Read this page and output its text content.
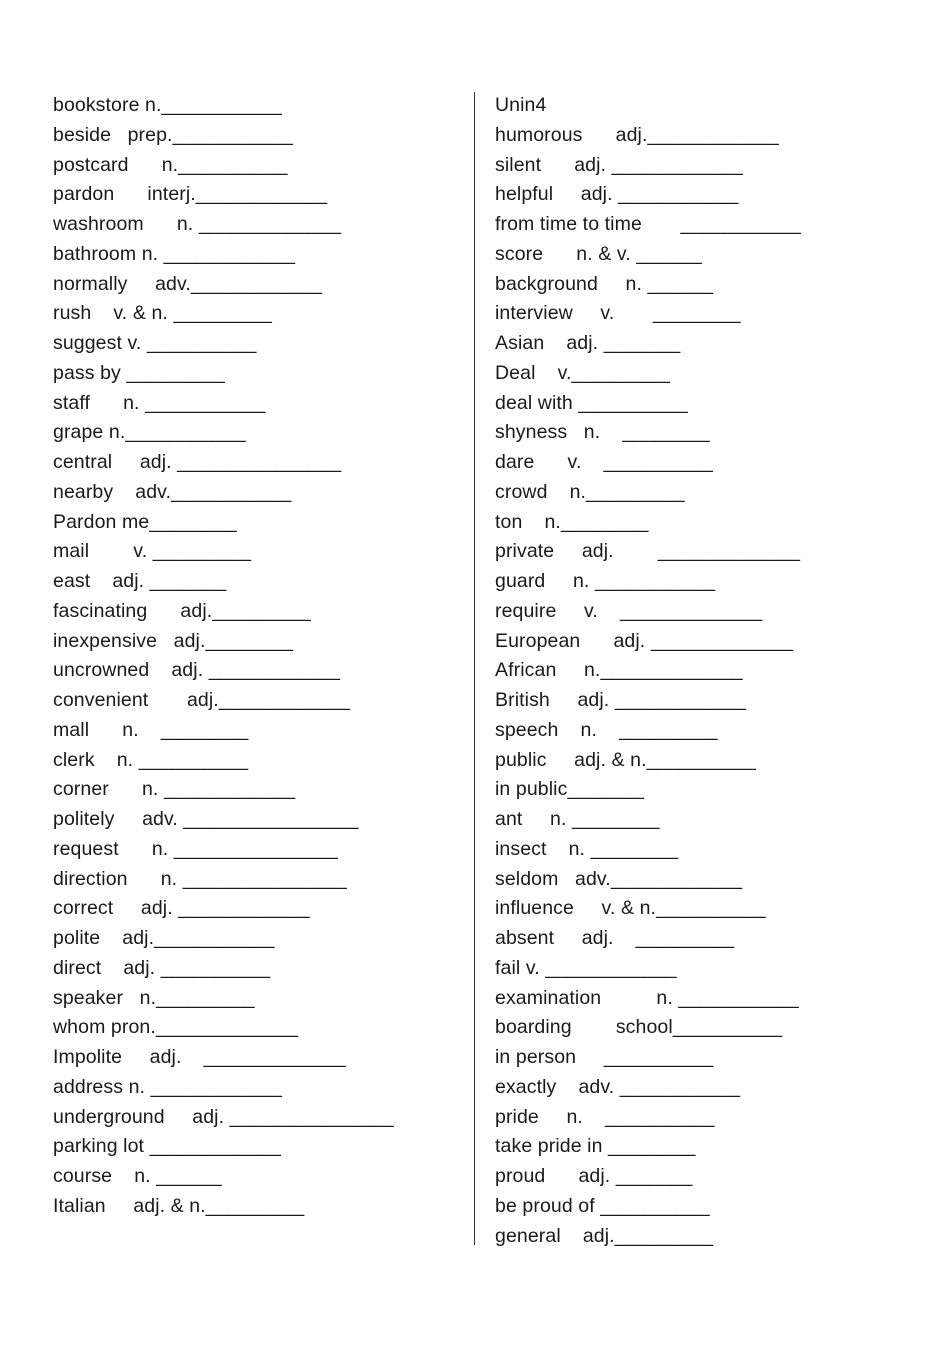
bookstore n.___________
beside   prep.___________
postcard      n.__________
pardon      interj.____________
washroom      n. _____________
bathroom n. ____________
normally     adv.____________
rush    v. & n. _________
suggest v. __________
pass by _________
staff      n. ___________
grape n.___________
central     adj. _______________
nearby    adv.___________
Pardon me________
mail        v. _________
east    adj. _______
fascinating      adj._________
inexpensive   adj.________
uncrowned    adj. ____________
convenient       adj.____________
mall      n.    ________
clerk    n. __________
corner      n. ____________
politely     adv. ________________
request      n. _______________
direction      n. _______________
correct     adj. ____________
polite    adj.___________
direct    adj. __________
speaker   n._________
whom pron._____________
Impolite     adj.    _____________
address n. ____________
underground     adj. _______________
parking lot ____________
course    n. ______
Italian     adj. & n._________
Unin4
humorous      adj.____________
silent      adj. ____________
helpful     adj. ___________
from time to time       ___________
score      n. & v. ______
background     n. ______
interview     v.       ________
Asian    adj. _______
Deal    v._________
deal with __________
shyness   n.    ________
dare      v.    __________
crowd    n._________
ton    n.________
private     adj.        _____________
guard     n. ___________
require     v.    _____________
European      adj. _____________
African     n._____________
British     adj. ____________
speech    n.    _________
public     adj. & n.__________
in public_______
ant     n. ________
insect    n. ________
seldom   adv.____________
influence     v. & n.__________
absent     adj.    _________
fail v. ____________
examination          n. ___________
boarding        school__________
in person     __________
exactly    adv. ___________
pride     n.    __________
take pride in ________
proud      adj. _______
be proud of __________
general    adj._________
